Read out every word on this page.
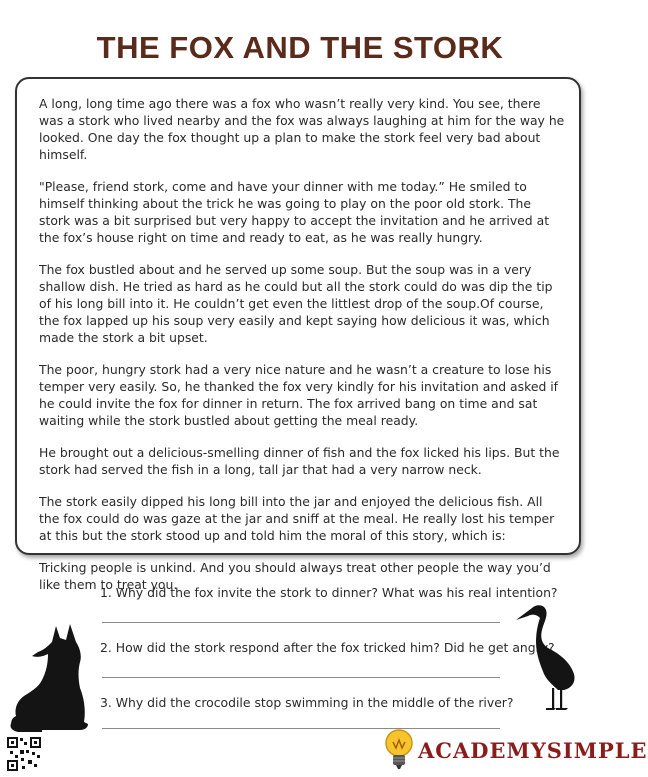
THE FOX AND THE STORK

A long, long time ago there was a fox who wasn’t really very kind. You see, there was a stork who lived nearby and the fox was always laughing at him for the way he looked. One day the fox thought up a plan to make the stork feel very bad about himself.

"Please, friend stork, come and have your dinner with me today.” He smiled to himself thinking about the trick he was going to play on the poor old stork. The stork was a bit surprised but very happy to accept the invitation and he arrived at the fox’s house right on time and ready to eat, as he was really hungry.

The fox bustled about and he served up some soup. But the soup was in a very shallow dish. He tried as hard as he could but all the stork could do was dip the tip of his long bill into it. He couldn’t get even the littlest drop of the soup.Of course, the fox lapped up his soup very easily and kept saying how delicious it was, which made the stork a bit upset.

The poor, hungry stork had a very nice nature and he wasn’t a creature to lose his temper very easily. So, he thanked the fox very kindly for his invitation and asked if he could invite the fox for dinner in return. The fox arrived bang on time and sat waiting while the stork bustled about getting the meal ready.

He brought out a delicious-smelling dinner of fish and the fox licked his lips. But the stork had served the fish in a long, tall jar that had a very narrow neck.

The stork easily dipped his long bill into the jar and enjoyed the delicious fish. All the fox could do was gaze at the jar and sniff at the meal. He really lost his temper at this but the stork stood up and told him the moral of this story, which is:

Tricking people is unkind. And you should always treat other people the way you’d like them to treat you.

1. Why did the fox invite the stork to dinner? What was his real intention?
2. How did the stork respond after the fox tricked him? Did he get angry?
3. Why did the crocodile stop swimming in the middle of the river?
ACADEMYSIMPLE
